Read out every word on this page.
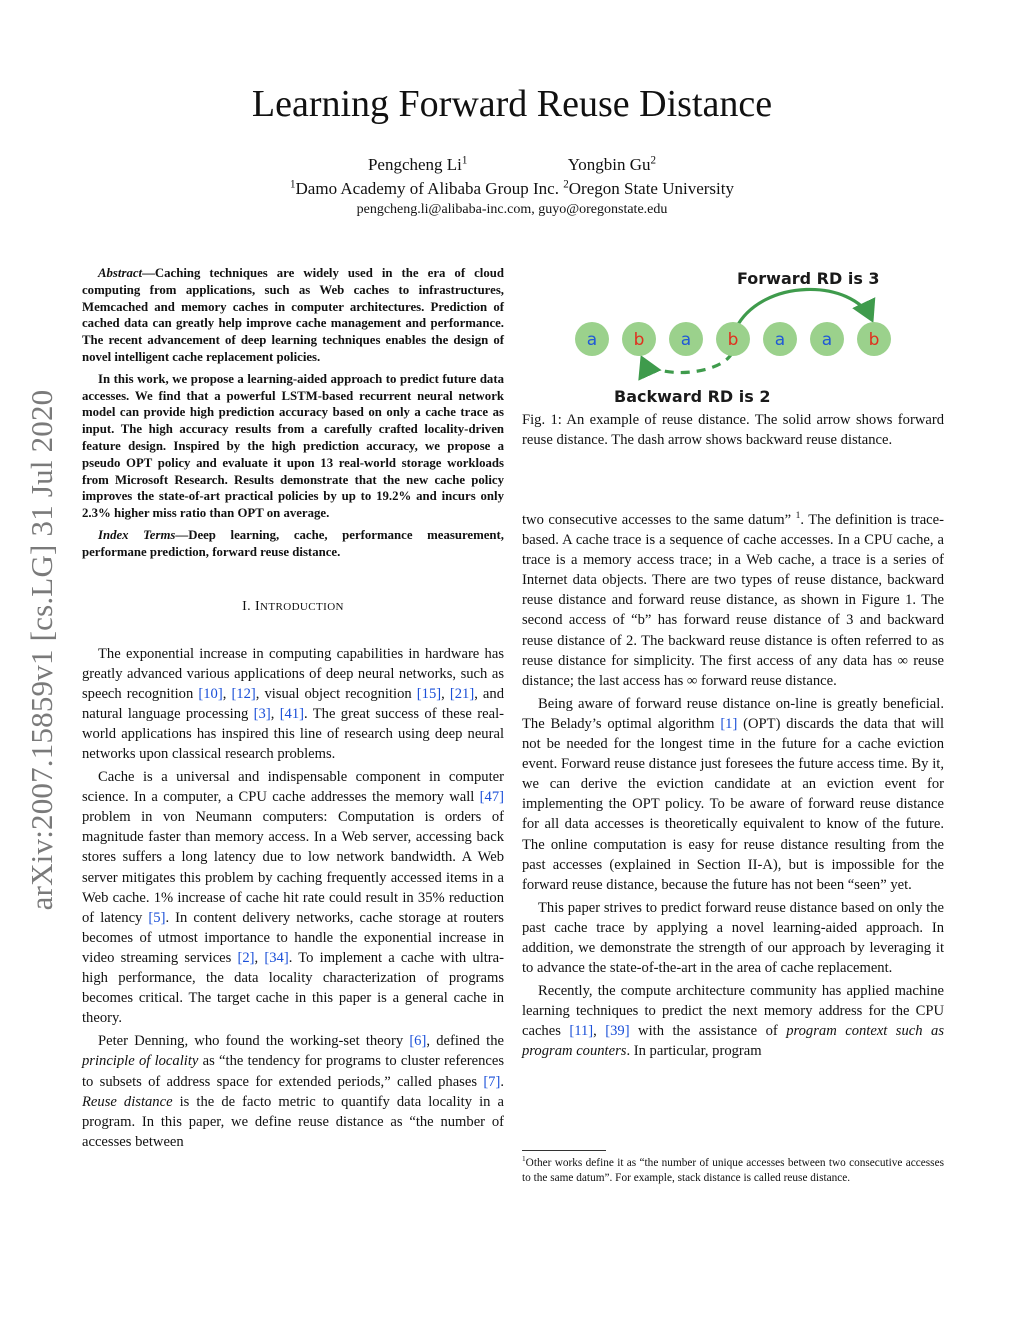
arXiv:2007.15859v1 [cs.LG] 31 Jul 2020
Learning Forward Reuse Distance
Pengcheng Li$^1$	Yongbin Gu$^2$
$^1$Damo Academy of Alibaba Group Inc. $^2$Oregon State University
pengcheng.li@alibaba-inc.com, guyo@oregonstate.edu

Abstract—Caching techniques are widely used in the era of cloud computing from applications, such as Web caches to infrastructures, Memcached and memory caches in computer architectures. Prediction of cached data can greatly help improve cache management and performance. The recent advancement of deep learning techniques enables the design of novel intelligent cache replacement policies.

In this work, we propose a learning-aided approach to predict future data accesses. We find that a powerful LSTM-based recurrent neural network model can provide high prediction accuracy based on only a cache trace as input. The high accuracy results from a carefully crafted locality-driven feature design. Inspired by the high prediction accuracy, we propose a pseudo OPT policy and evaluate it upon 13 real-world storage workloads from Microsoft Research. Results demonstrate that the new cache policy improves the state-of-art practical policies by up to 19.2% and incurs only 2.3% higher miss ratio than OPT on average.

Index Terms—Deep learning, cache, performance measurement, performane prediction, forward reuse distance.

I. INTRODUCTION

The exponential increase in computing capabilities in hardware has greatly advanced various applications of deep neural networks, such as speech recognition [10], [12], visual object recognition [15], [21], and natural language processing [3], [41]. The great success of these real-world applications has inspired this line of research using deep neural networks upon classical research problems.

Cache is a universal and indispensable component in computer science. In a computer, a CPU cache addresses the memory wall [47] problem in von Neumann computers: Computation is orders of magnitude faster than memory access. In a Web server, accessing back stores suffers a long latency due to low network bandwidth. A Web server mitigates this problem by caching frequently accessed items in a Web cache. 1% increase of cache hit rate could result in 35% reduction of latency [5]. In content delivery networks, cache storage at routers becomes of utmost importance to handle the exponential increase in video streaming services [2], [34]. To implement a cache with ultra-high performance, the data locality characterization of programs becomes critical. The target cache in this paper is a general cache in theory.

Peter Denning, who found the working-set theory [6], defined the principle of locality as “the tendency for programs to cluster references to subsets of address space for extended periods,” called phases [7]. Reuse distance is the de facto metric to quantify data locality in a program. In this paper, we define reuse distance as “the number of accesses between

Forward RD is 3
a b a b a a b
Backward RD is 2

Fig. 1: An example of reuse distance. The solid arrow shows forward reuse distance. The dash arrow shows backward reuse distance.

two consecutive accesses to the same datum” $^1$. The definition is trace-based. A cache trace is a sequence of cache accesses. In a CPU cache, a trace is a memory access trace; in a Web cache, a trace is a series of Internet data objects. There are two types of reuse distance, backward reuse distance and forward reuse distance, as shown in Figure 1. The second access of “b” has forward reuse distance of 3 and backward reuse distance of 2. The backward reuse distance is often referred to as reuse distance for simplicity. The first access of any data has ∞ reuse distance; the last access has ∞ forward reuse distance.

Being aware of forward reuse distance on-line is greatly beneficial. The Belady’s optimal algorithm [1] (OPT) discards the data that will not be needed for the longest time in the future for a cache eviction event. Forward reuse distance just foresees the future access time. By it, we can derive the eviction candidate at an eviction event for implementing the OPT policy. To be aware of forward reuse distance for all data accesses is theoretically equivalent to know of the future. The online computation is easy for reuse distance resulting from the past accesses (explained in Section II-A), but is impossible for the forward reuse distance, because the future has not been “seen” yet.

This paper strives to predict forward reuse distance based on only the past cache trace by applying a novel learning-aided approach. In addition, we demonstrate the strength of our approach by leveraging it to advance the state-of-the-art in the area of cache replacement.

Recently, the compute architecture community has applied machine learning techniques to predict the next memory address for the CPU caches [11], [39] with the assistance of program context such as program counters. In particular, program

$^1$Other works define it as “the number of unique accesses between two consecutive accesses to the same datum”. For example, stack distance is called reuse distance.
